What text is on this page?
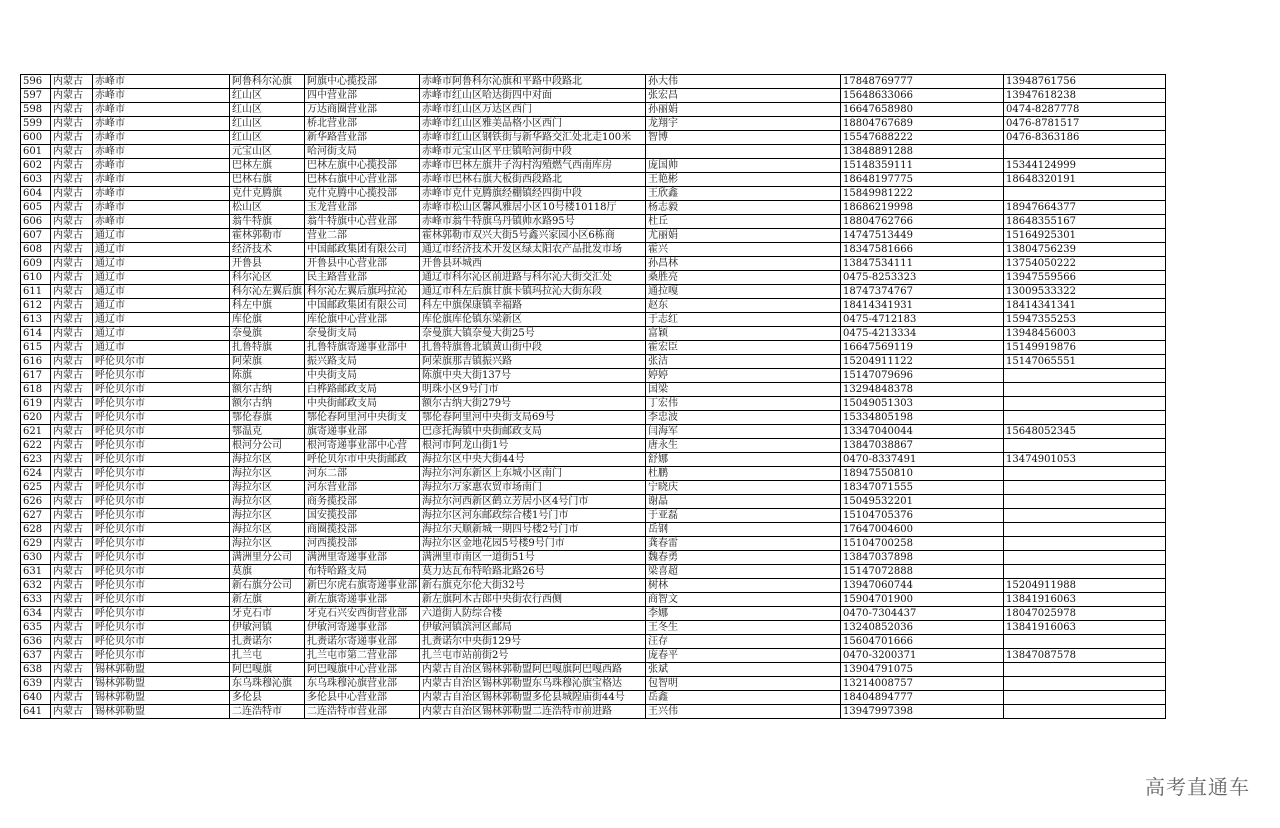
596	内蒙古	赤峰市	阿鲁科尔沁旗	阿旗中心揽投部	赤峰市阿鲁科尔沁旗和平路中段路北	孙大伟	17848769777	13948761756
597	内蒙古	赤峰市	红山区	四中营业部	赤峰市红山区哈达街四中对面	张宏昌	15648633066	13947618238
598	内蒙古	赤峰市	红山区	万达商圈营业部	赤峰市红山区万达区西门	孙丽娟	16647658980	0474-8287778
599	内蒙古	赤峰市	红山区	桥北营业部	赤峰市红山区雅美品格小区西门	龙翔宇	18804767689	0476-8781517
600	内蒙古	赤峰市	红山区	新华路营业部	赤峰市红山区钢铁街与新华路交汇处北走100米	智博	15547688222	0476-8363186
601	内蒙古	赤峰市	元宝山区	哈河街支局	赤峰市元宝山区平庄镇哈河街中段		13848891288	
602	内蒙古	赤峰市	巴林左旗	巴林左旗中心揽投部	赤峰市巴林左旗井子沟村沟殖燃气西南库房	庞国帅	15148359111	15344124999
603	内蒙古	赤峰市	巴林右旗	巴林右旗中心营业部	赤峰市巴林右旗大板街西段路北	王艳彬	18648197775	18648320191
604	内蒙古	赤峰市	克什克腾旗	克什克腾中心揽投部	赤峰市克什克腾旗经棚镇经四街中段	王欣鑫	15849981222	
605	内蒙古	赤峰市	松山区	玉龙营业部	赤峰市松山区馨风雅居小区10号楼10118厅	杨志毅	18686219998	18947664377
606	内蒙古	赤峰市	翁牛特旗	翁牛特旗中心营业部	赤峰市翁牛特旗乌丹镇帅水路95号	杜丘	18804762766	18648355167
607	内蒙古	通辽市	霍林郭勒市	营业二部	霍林郭勒市双兴大街5号鑫兴家园小区6栋商	尤丽娟	14747513449	15164925301
608	内蒙古	通辽市	经济技术	中国邮政集团有限公司	通辽市经济技术开发区绿太阳农产品批发市场	霍兴	18347581666	13804756239
609	内蒙古	通辽市	开鲁县	开鲁县中心营业部	开鲁县环城西	孙昌林	13847534111	13754050222
610	内蒙古	通辽市	科尔沁区	民主路营业部	通辽市科尔沁区前进路与科尔沁大街交汇处	桑胜亮	0475-8253323	13947559566
611	内蒙古	通辽市	科尔沁左翼后旗	科尔沁左翼后旗玛拉沁	通辽市科左后旗甘旗卡镇玛拉沁大街东段	通拉嘎	18747374767	13009533322
612	内蒙古	通辽市	科左中旗	中国邮政集团有限公司	科左中旗保康镇幸福路	赵东	18414341931	18414341341
613	内蒙古	通辽市	库伦旗	库伦旗中心营业部	库伦旗库伦镇东梁新区	于志红	0475-4712183	15947355253
614	内蒙古	通辽市	奈曼旗	奈曼街支局	奈曼旗大镇奈曼大街25号	富颖	0475-4213334	13948456003
615	内蒙古	通辽市	扎鲁特旗	扎鲁特旗寄递事业部中	扎鲁特旗鲁北镇黄山街中段	霍宏臣	16647569119	15149919876
616	内蒙古	呼伦贝尔市	阿荣旗	振兴路支局	阿荣旗那吉镇振兴路	张洁	15204911122	15147065551
617	内蒙古	呼伦贝尔市	陈旗	中央街支局	陈旗中央大街137号	婷婷	15147079696	
618	内蒙古	呼伦贝尔市	额尔古纳	白桦路邮政支局	明珠小区9号门市	国梁	13294848378	
619	内蒙古	呼伦贝尔市	额尔古纳	中央街邮政支局	额尔古纳大街279号	丁宏伟	15049051303	
620	内蒙古	呼伦贝尔市	鄂伦春旗	鄂伦春阿里河中央街支	鄂伦春阿里河中央街支局69号	李忠波	15334805198	
621	内蒙古	呼伦贝尔市	鄂温克	旗寄递事业部	巴彦托海镇中央街邮政支局	闫海军	13347040044	15648052345
622	内蒙古	呼伦贝尔市	根河分公司	根河寄递事业部中心营	根河市阿龙山街1号	唐永生	13847038867	
623	内蒙古	呼伦贝尔市	海拉尔区	呼伦贝尔市中央街邮政	海拉尔区中央大街44号	舒娜	0470-8337491	13474901053
624	内蒙古	呼伦贝尔市	海拉尔区	河东二部	海拉尔河东新区上东城小区南门	杜鹏	18947550810	
625	内蒙古	呼伦贝尔市	海拉尔区	河东营业部	海拉尔万家惠农贸市场南门	宁晓庆	18347071555	
626	内蒙古	呼伦贝尔市	海拉尔区	商务揽投部	海拉尔河西新区鹤立芳居小区4号门市	谢晶	15049532201	
627	内蒙古	呼伦贝尔市	海拉尔区	国安揽投部	海拉尔区河东邮政综合楼1号门市	于亚磊	15104705376	
628	内蒙古	呼伦贝尔市	海拉尔区	商圈揽投部	海拉尔天顺新城一期四号楼2号门市	岳钢	17647004600	
629	内蒙古	呼伦贝尔市	海拉尔区	河西揽投部	海拉尔区金地花园5号楼9号门市	龚春雷	15104700258	
630	内蒙古	呼伦贝尔市	满洲里分公司	满洲里寄递事业部	满洲里市南区一道街51号	魏春勇	13847037898	
631	内蒙古	呼伦贝尔市	莫旗	布特哈路支局	莫力达瓦布特哈路北路26号	梁喜超	15147072888	
632	内蒙古	呼伦贝尔市	新右旗分公司	新巴尔虎右旗寄递事业部	新右旗克尔伦大街32号	树林	13947060744	15204911988
633	内蒙古	呼伦贝尔市	新左旗	新左旗寄递事业部	新左旗阿木古郎中央街农行西侧	商智文	15904701900	13841916063
634	内蒙古	呼伦贝尔市	牙克石市	牙克石兴安西街营业部	六道街人防综合楼	李娜	0470-7304437	18047025978
635	内蒙古	呼伦贝尔市	伊敏河镇	伊敏河寄递事业部	伊敏河镇滨河区邮局	王冬生	13240852036	13841916063
636	内蒙古	呼伦贝尔市	扎赉诺尔	扎赉诺尔寄递事业部	扎赉诺尔中央街129号	汪存	15604701666	
637	内蒙古	呼伦贝尔市	扎兰屯	扎兰屯市第二营业部	扎兰屯市站前街2号	庞春平	0470-3200371	13847087578
638	内蒙古	锡林郭勒盟	阿巴嘎旗	阿巴嘎旗中心营业部	内蒙古自治区锡林郭勒盟阿巴嘎旗阿巴嘎西路	张斌	13904791075	
639	内蒙古	锡林郭勒盟	东乌珠穆沁旗	东乌珠穆沁旗营业部	内蒙古自治区锡林郭勒盟东乌珠穆沁旗宝格达	包智明	13214008757	
640	内蒙古	锡林郭勒盟	多伦县	多伦县中心营业部	内蒙古自治区锡林郭勒盟多伦县城隍庙街44号	岳鑫	18404894777	
641	内蒙古	锡林郭勒盟	二连浩特市	二连浩特市营业部	内蒙古自治区锡林郭勒盟二连浩特市前进路	王兴伟	13947997398	
高考直通车
